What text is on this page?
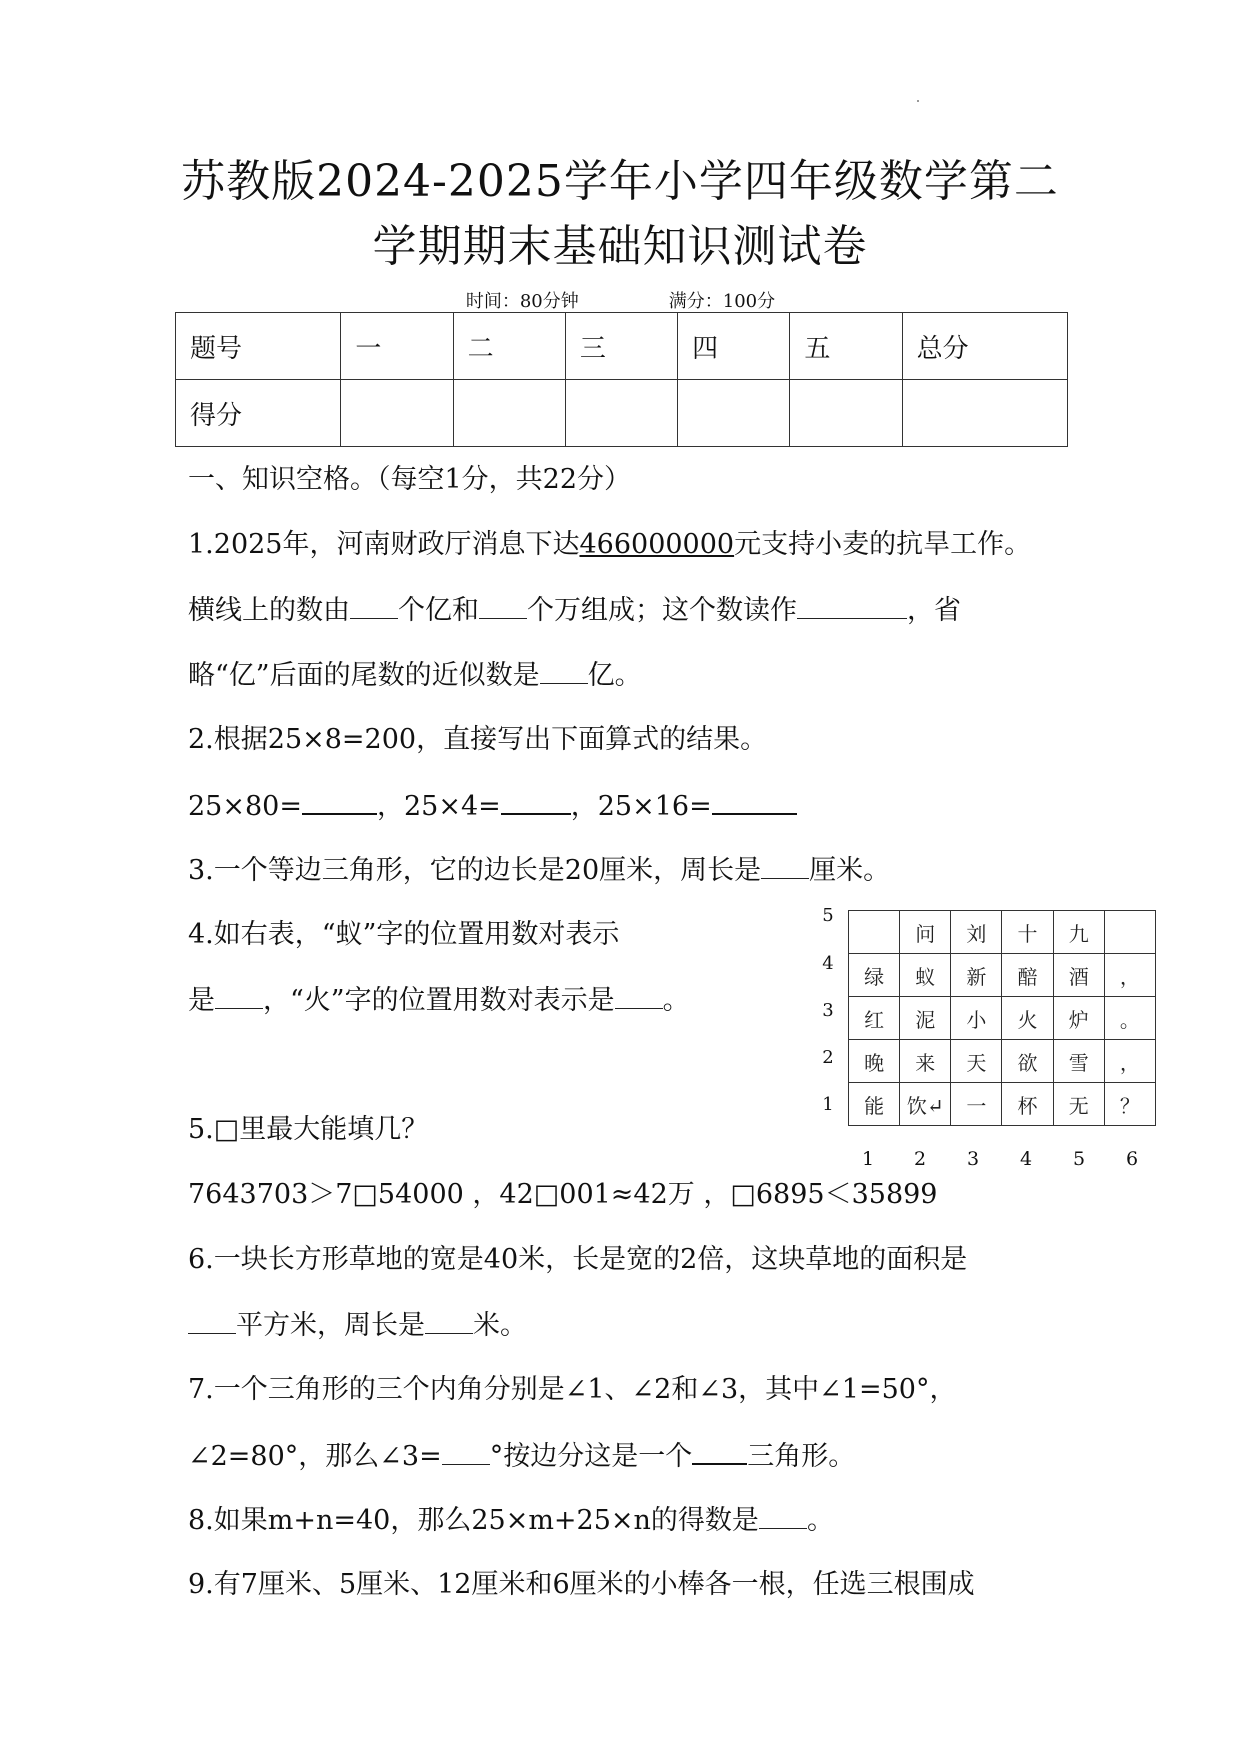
苏教版2024-2025学年小学四年级数学第二
学期期末基础知识测试卷
时间：80分钟	满分：100分
题号	一	二	三	四	五	总分
得分						
一、知识空格。（每空1分，共22分）
1.2025年，河南财政厅消息下达466000000元支持小麦的抗旱工作。
横线上的数由 个亿和 个万组成；这个数读作	，省
略“亿”后面的尾数的近似数是 亿。
2.根据25×8=200，直接写出下面算式的结果。
25×80=	，25×4=	，25×16=
3.一个等边三角形，它的边长是20厘米，周长是 厘米。
4.如右表，“蚁”字的位置用数对表示
是 ，“火”字的位置用数对表示是 。
5
4
3
2
1
	问	刘	十	九	
绿	蚁	新	醅	酒	，
红	泥	小	火	炉	。
晚	来	天	欲	雪	，
能	饮↵	一	杯	无	？
1 2 3 4 5 6
5.□里最大能填几？
7643703＞7□54000 ，42□001≈42万 ，□6895＜35899
6.一块长方形草地的宽是40米，长是宽的2倍，这块草地的面积是
平方米，周长是 米。
7.一个三角形的三个内角分别是∠1、∠2和∠3，其中∠1=50°，
∠2=80°，那么∠3= °按边分这是一个 三角形。
8.如果m+n=40，那么25×m+25×n的得数是 。
9.有7厘米、5厘米、12厘米和6厘米的小棒各一根，任选三根围成
